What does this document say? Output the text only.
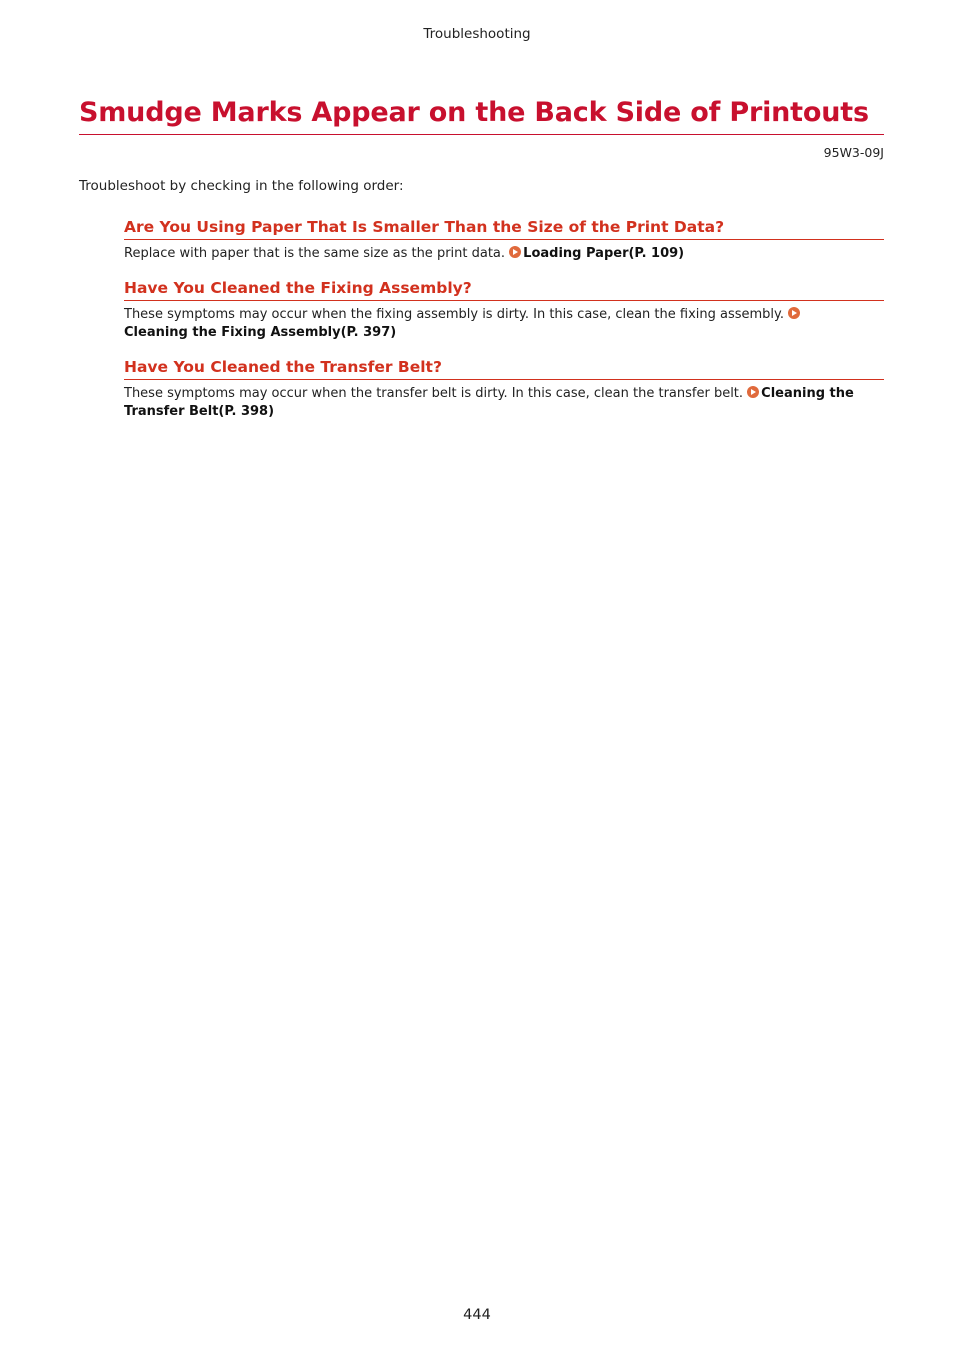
Troubleshooting
Smudge Marks Appear on the Back Side of Printouts
95W3-09J
Troubleshoot by checking in the following order:
Are You Using Paper That Is Smaller Than the Size of the Print Data?

Replace with paper that is the same size as the print data. Loading Paper(P. 109)

Have You Cleaned the Fixing Assembly?

These symptoms may occur when the fixing assembly is dirty. In this case, clean the fixing assembly.
Cleaning the Fixing Assembly(P. 397)

Have You Cleaned the Transfer Belt?

These symptoms may occur when the transfer belt is dirty. In this case, clean the transfer belt. Cleaning the Transfer Belt(P. 398)

444
